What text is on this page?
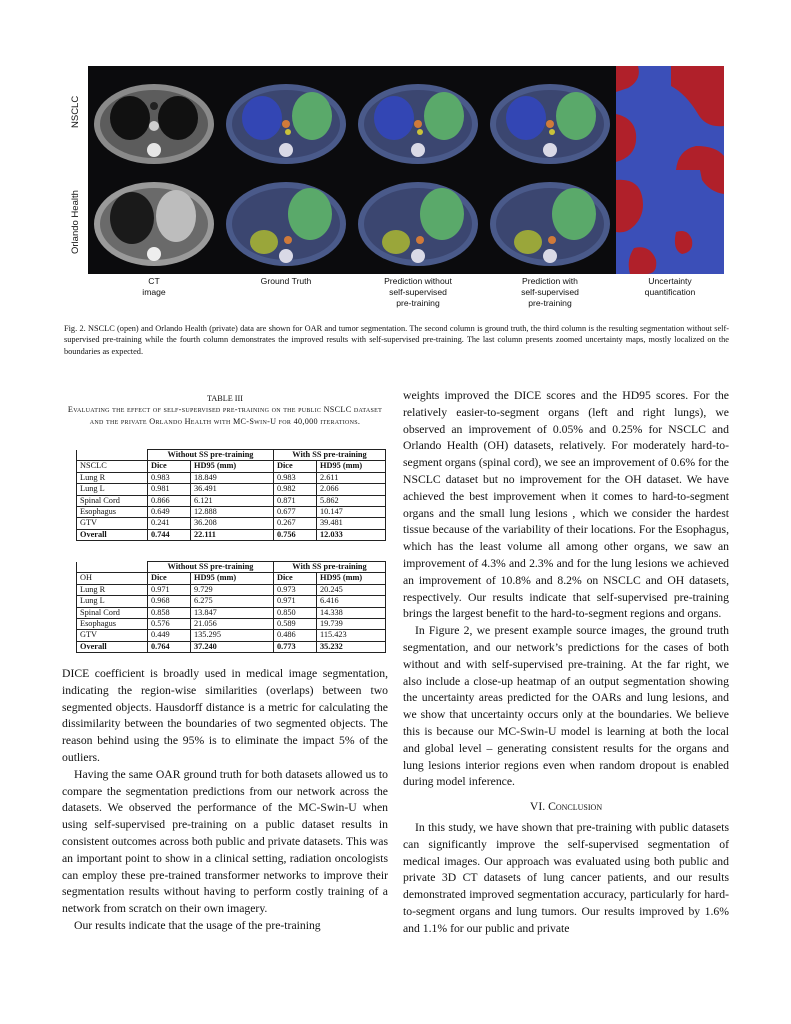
NSCLC
Orlando Health
CT
image
Ground Truth	Prediction without
self-supervised
pre-training
Prediction with
self-supervised
pre-training
Uncertainty
quantification
Fig. 2. NSCLC (open) and Orlando Health (private) data are shown for OAR and tumor segmentation. The second column is ground truth, the third column is the resulting segmentation without self-supervised pre-training while the fourth column demonstrates the improved results with self-supervised pre-training. The last column presents zoomed uncertainty maps, mostly localized on the boundaries as expected.
TABLE III
Evaluating the effect of self-supervised pre-training on the public NSCLC dataset and the private Orlando Health with MC-Swin-U for 40,000 iterations.
	Without SS pre-training		With SS pre-training	
NSCLC	Dice	HD95 (mm)	Dice	HD95 (mm)
Lung R	0.983	18.849	0.983	2.611
Lung L	0.981	36.491	0.982	2.066
Spinal Cord	0.866	6.121	0.871	5.862
Esophagus	0.649	12.888	0.677	10.147
GTV	0.241	36.208	0.267	39.481
Overall	0.744	22.111	0.756	12.033
	Without SS pre-training		With SS pre-training	
OH	Dice	HD95 (mm)	Dice	HD95 (mm)
Lung R	0.971	9.729	0.973	20.245
Lung L	0.968	6.275	0.971	6.416
Spinal Cord	0.858	13.847	0.850	14.338
Esophagus	0.576	21.056	0.589	19.739
GTV	0.449	135.295	0.486	115.423
Overall	0.764	37.240	0.773	35.232

DICE coefficient is broadly used in medical image segmentation, indicating the region-wise similarities (overlaps) between two segmented objects. Hausdorff distance is a metric for calculating the dissimilarity between the boundaries of two segmented objects. The reason behind using the 95% is to eliminate the impact 5% of the outliers.

Having the same OAR ground truth for both datasets allowed us to compare the segmentation predictions from our network across the datasets. We observed the performance of the MC-Swin-U when using self-supervised pre-training on a public dataset results in consistent outcomes across both public and private datasets. This was an important point to show in a clinical setting, radiation oncologists can employ these pre-trained transformer networks to improve their segmentation results without having to perform costly training of a network from scratch on their own imagery.

Our results indicate that the usage of the pre-training

weights improved the DICE scores and the HD95 scores. For the relatively easier-to-segment organs (left and right lungs), we observed an improvement of 0.05% and 0.25% for NSCLC and Orlando Health (OH) datasets, relatively. For moderately hard-to-segment organs (spinal cord), we see an improvement of 0.6% for the NSCLC dataset but no improvement for the OH dataset. We have achieved the best improvement when it comes to hard-to-segment organs and the small lung lesions , which we consider the hardest tissue because of the variability of their locations. For the Esophagus, which has the least volume all among other organs, we saw an improvement of 4.3% and 2.3% and for the lung lesions we achieved an improvement of 10.8% and 8.2% on NSCLC and OH datasets, respectively. Our results indicate that self-supervised pre-training brings the largest benefit to the hard-to-segment regions and organs.

In Figure 2, we present example source images, the ground truth segmentation, and our network’s predictions for the cases of both without and with self-supervised pre-training. At the far right, we also include a close-up heatmap of an output segmentation showing the uncertainty areas predicted for the OARs and lung lesions, and we show that uncertainty occurs only at the boundaries. We believe this is because our MC-Swin-U model is learning at both the local and global level – generating consistent results for the organs and lung lesions interior regions even when random dropout is enabled during model inference.

VI. Conclusion

In this study, we have shown that pre-training with public datasets can significantly improve the self-supervised segmentation of medical images. Our approach was evaluated using both public and private 3D CT datasets of lung cancer patients, and our results demonstrated improved segmentation accuracy, particularly for hard-to-segment organs and lung tumors. Our results improved by 1.6% and 1.1% for our public and private
